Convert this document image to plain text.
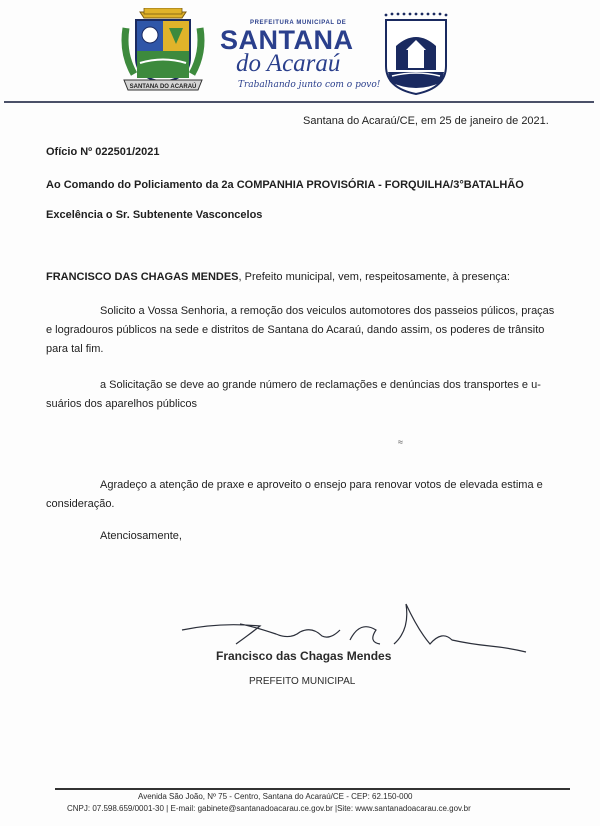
SANTANA DO ACARAÚ
PREFEITURA MUNICIPAL DE
SANTANA
do Acaraú
Trabalhando junto com o povo!
Santana do Acaraú/CE, em 25 de janeiro de 2021.
Ofício Nº 022501/2021
Ao Comando do Policiamento da 2a COMPANHIA PROVISÓRIA - FORQUILHA/3°BATALHÃO
Excelência o Sr. Subtenente Vasconcelos
FRANCISCO DAS CHAGAS MENDES, Prefeito municipal, vem, respeitosamente, à presença:
Solicito a Vossa Senhoria, a remoção dos veiculos automotores dos passeios púlicos, praças
e logradouros públicos na sede e distritos de Santana do Acaraú, dando assim, os poderes de trânsito
para tal fim.
a Solicitação se deve ao grande número de reclamações e denúncias dos transportes e u-
suários dos aparelhos públicos
≈
Agradeço a atenção de praxe e aproveito o ensejo para renovar votos de elevada estima e
consideração.
Atenciosamente,
Francisco das Chagas Mendes
PREFEITO MUNICIPAL
Avenida São João, Nº 75 - Centro, Santana do Acaraú/CE - CEP: 62.150-000
CNPJ: 07.598.659/0001-30 | E-mail: gabinete@santanadoacarau.ce.gov.br |Site: www.santanadoacarau.ce.gov.br
